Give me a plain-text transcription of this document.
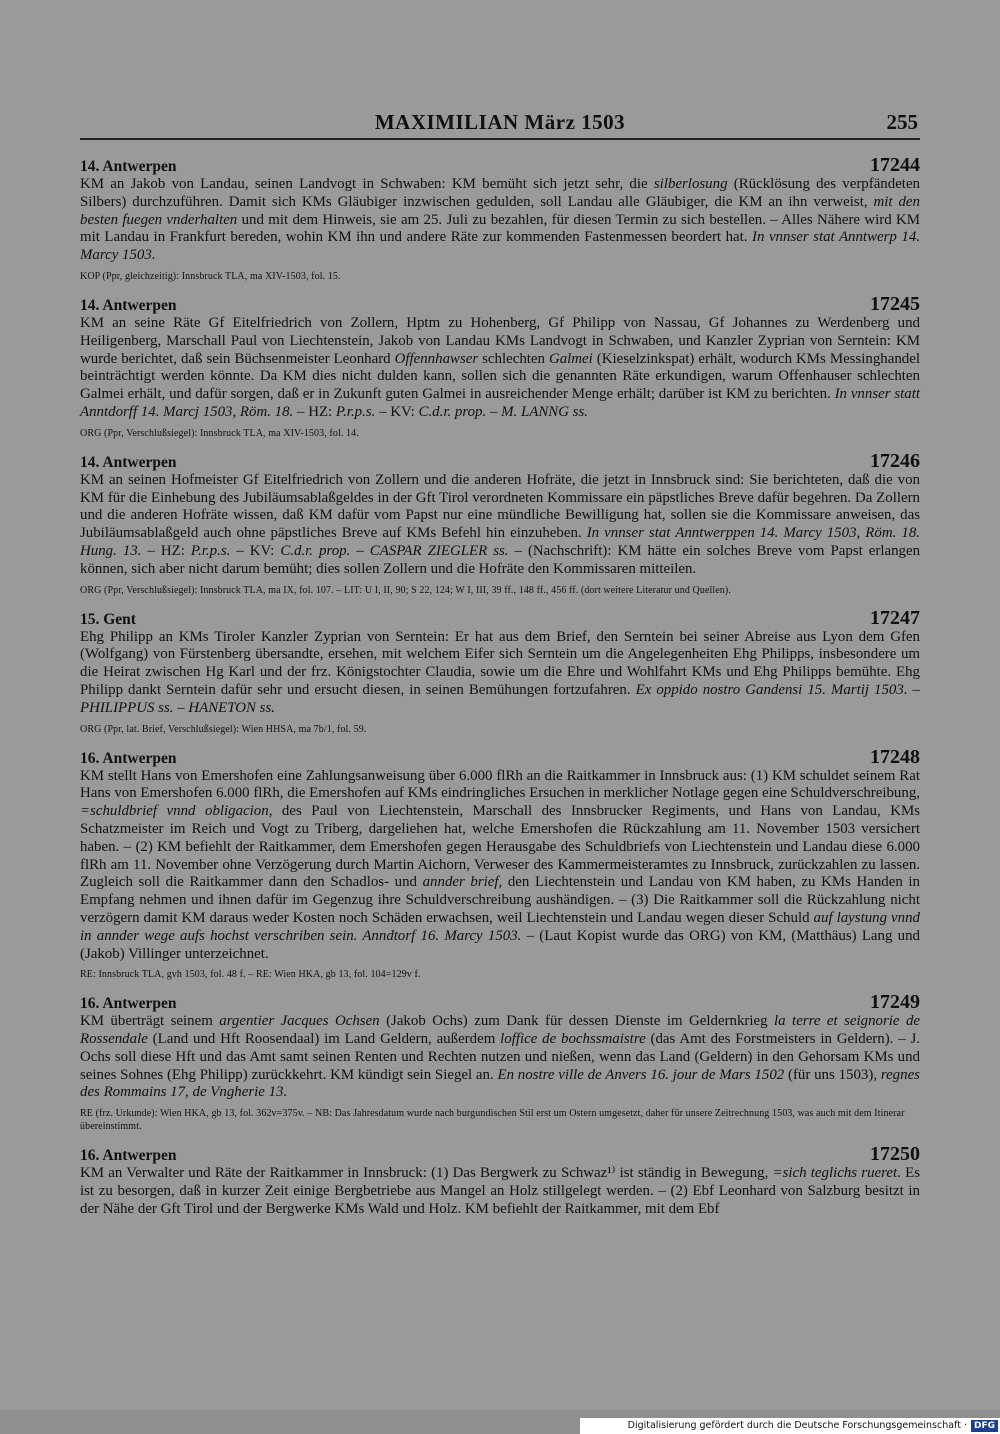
MAXIMILIAN März 1503	255
14. Antwerpen	17244

KM an Jakob von Landau, seinen Landvogt in Schwaben: KM bemüht sich jetzt sehr, die silberlosung (Rücklösung des verpfändeten Silbers) durchzuführen. Damit sich KMs Gläubiger inzwischen gedulden, soll Landau alle Gläubiger, die KM an ihn verweist, mit den besten fuegen vnderhalten und mit dem Hinweis, sie am 25. Juli zu bezahlen, für diesen Termin zu sich bestellen. – Alles Nähere wird KM mit Landau in Frankfurt bereden, wohin KM ihn und andere Räte zur kommenden Fastenmessen beordert hat. In vnnser stat Anntwerp 14. Marcy 1503.

KOP (Ppr, gleichzeitig): Innsbruck TLA, ma XIV-1503, fol. 15.
14. Antwerpen	17245

KM an seine Räte Gf Eitelfriedrich von Zollern, Hptm zu Hohenberg, Gf Philipp von Nassau, Gf Johannes zu Werdenberg und Heiligenberg, Marschall Paul von Liechtenstein, Jakob von Landau KMs Landvogt in Schwaben, und Kanzler Zyprian von Serntein: KM wurde berichtet, daß sein Büchsenmeister Leonhard Offennhawser schlechten Galmei (Kieselzinkspat) erhält, wodurch KMs Messinghandel beinträchtigt werden könnte. Da KM dies nicht dulden kann, sollen sich die genannten Räte erkundigen, warum Offenhauser schlechten Galmei erhält, und dafür sorgen, daß er in Zukunft guten Galmei in ausreichender Menge erhält; darüber ist KM zu berichten. In vnnser statt Anntdorff 14. Marcj 1503, Röm. 18. – HZ: P.r.p.s. – KV: C.d.r. prop. – M. LANNG ss.

ORG (Ppr, Verschlußsiegel): Innsbruck TLA, ma XIV-1503, fol. 14.
14. Antwerpen	17246

KM an seinen Hofmeister Gf Eitelfriedrich von Zollern und die anderen Hofräte, die jetzt in Innsbruck sind: Sie berichteten, daß die von KM für die Einhebung des Jubiläumsablaßgeldes in der Gft Tirol verordneten Kommissare ein päpstliches Breve dafür begehren. Da Zollern und die anderen Hofräte wissen, daß KM dafür vom Papst nur eine mündliche Bewilligung hat, sollen sie die Kommissare anweisen, das Jubiläumsablaßgeld auch ohne päpstliches Breve auf KMs Befehl hin einzuheben. In vnnser stat Anntwerppen 14. Marcy 1503, Röm. 18. Hung. 13. – HZ: P.r.p.s. – KV: C.d.r. prop. – CASPAR ZIEGLER ss. – (Nachschrift): KM hätte ein solches Breve vom Papst erlangen können, sich aber nicht darum bemüht; dies sollen Zollern und die Hofräte den Kommissaren mitteilen.

ORG (Ppr, Verschlußsiegel): Innsbruck TLA, ma IX, fol. 107. – LIT: U I, II, 90; S 22, 124; W I, III, 39 ff., 148 ff., 456 ff. (dort weitere Literatur und Quellen).
15. Gent	17247

Ehg Philipp an KMs Tiroler Kanzler Zyprian von Serntein: Er hat aus dem Brief, den Serntein bei seiner Abreise aus Lyon dem Gfen (Wolfgang) von Fürstenberg übersandte, ersehen, mit welchem Eifer sich Serntein um die Angelegenheiten Ehg Philipps, insbesondere um die Heirat zwischen Hg Karl und der frz. Königstochter Claudia, sowie um die Ehre und Wohlfahrt KMs und Ehg Philipps bemühte. Ehg Philipp dankt Serntein dafür sehr und ersucht diesen, in seinen Bemühungen fortzufahren. Ex oppido nostro Gandensi 15. Martij 1503. – PHILIPPUS ss. – HANETON ss.

ORG (Ppr, lat. Brief, Verschlußsiegel): Wien HHSA, ma 7b/1, fol. 59.
16. Antwerpen	17248

KM stellt Hans von Emershofen eine Zahlungsanweisung über 6.000 flRh an die Raitkammer in Innsbruck aus: (1) KM schuldet seinem Rat Hans von Emershofen 6.000 flRh, die Emershofen auf KMs eindringliches Ersuchen in merklicher Notlage gegen eine Schuldverschreibung, =schuldbrief vnnd obligacion, des Paul von Liechtenstein, Marschall des Innsbrucker Regiments, und Hans von Landau, KMs Schatzmeister im Reich und Vogt zu Triberg, dargeliehen hat, welche Emershofen die Rückzahlung am 11. November 1503 versichert haben. – (2) KM befiehlt der Raitkammer, dem Emershofen gegen Herausgabe des Schuldbriefs von Liechtenstein und Landau diese 6.000 flRh am 11. November ohne Verzögerung durch Martin Aichorn, Verweser des Kammermeisteramtes zu Innsbruck, zurückzahlen zu lassen. Zugleich soll die Raitkammer dann den Schadlos- und annder brief, den Liechtenstein und Landau von KM haben, zu KMs Handen in Empfang nehmen und ihnen dafür im Gegenzug ihre Schuldverschreibung aushändigen. – (3) Die Raitkammer soll die Rückzahlung nicht verzögern damit KM daraus weder Kosten noch Schäden erwachsen, weil Liechtenstein und Landau wegen dieser Schuld auf laystung vnnd in annder wege aufs hochst verschriben sein. Anndtorf 16. Marcy 1503. – (Laut Kopist wurde das ORG) von KM, (Matthäus) Lang und (Jakob) Villinger unterzeichnet.

RE: Innsbruck TLA, gvh 1503, fol. 48 f. – RE: Wien HKA, gb 13, fol. 104=129v f.
16. Antwerpen	17249

KM überträgt seinem argentier Jacques Ochsen (Jakob Ochs) zum Dank für dessen Dienste im Geldernkrieg la terre et seignorie de Rossendale (Land und Hft Roosendaal) im Land Geldern, außerdem loffice de bochssmaistre (das Amt des Forstmeisters in Geldern). – J. Ochs soll diese Hft und das Amt samt seinen Renten und Rechten nutzen und nießen, wenn das Land (Geldern) in den Gehorsam KMs und seines Sohnes (Ehg Philipp) zurückkehrt. KM kündigt sein Siegel an. En nostre ville de Anvers 16. jour de Mars 1502 (für uns 1503), regnes des Rommains 17, de Vngherie 13.

RE (frz. Urkunde): Wien HKA, gb 13, fol. 362v=375v. – NB: Das Jahresdatum wurde nach burgundischen Stil erst um Ostern umgesetzt, daher für unsere Zeitrechnung 1503, was auch mit dem Itinerar übereinstimmt.
16. Antwerpen	17250

KM an Verwalter und Räte der Raitkammer in Innsbruck: (1) Das Bergwerk zu Schwaz¹⁾ ist ständig in Bewegung, =sich teglichs rueret. Es ist zu besorgen, daß in kurzer Zeit einige Bergbetriebe aus Mangel an Holz stillgelegt werden. – (2) Ebf Leonhard von Salzburg besitzt in der Nähe der Gft Tirol und der Bergwerke KMs Wald und Holz. KM befiehlt der Raitkammer, mit dem Ebf

Digitalisierung gefördert durch die Deutsche Forschungsgemeinschaft · DFG
